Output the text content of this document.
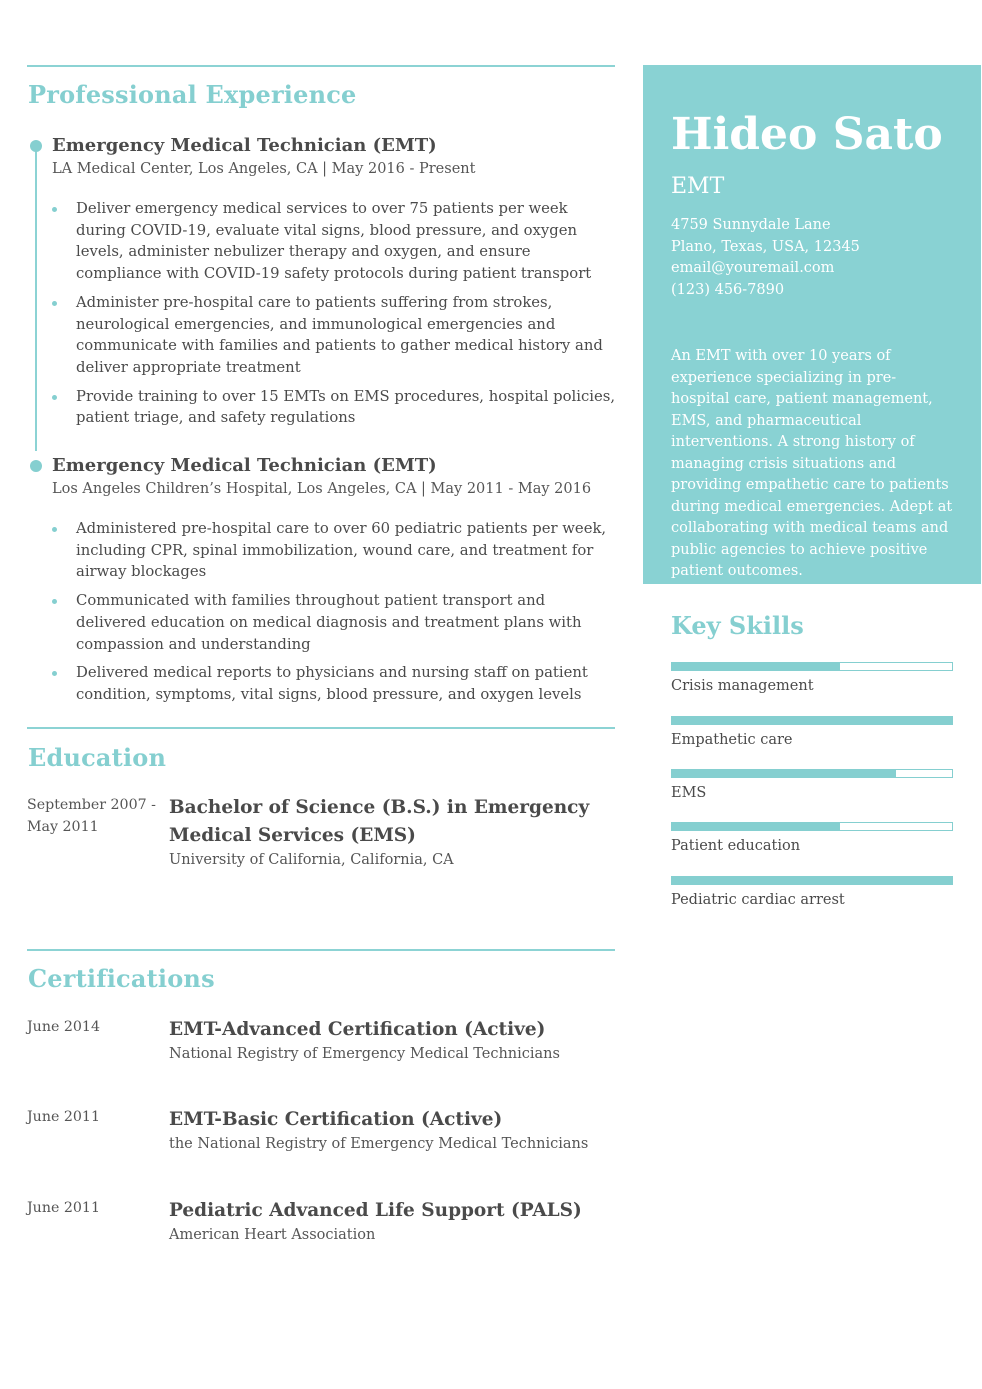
Professional Experience
Emergency Medical Technician (EMT)
LA Medical Center, Los Angeles, CA | May 2016 - Present
Deliver emergency medical services to over 75 patients per week during COVID-19, evaluate vital signs, blood pressure, and oxygen levels, administer nebulizer therapy and oxygen, and ensure compliance with COVID-19 safety protocols during patient transport
Administer pre-hospital care to patients suffering from strokes, neurological emergencies, and immunological emergencies and communicate with families and patients to gather medical history and deliver appropriate treatment
Provide training to over 15 EMTs on EMS procedures, hospital policies, patient triage, and safety regulations
Emergency Medical Technician (EMT)
Los Angeles Children’s Hospital, Los Angeles, CA | May 2011 - May 2016
Administered pre-hospital care to over 60 pediatric patients per week, including CPR, spinal immobilization, wound care, and treatment for airway blockages
Communicated with families throughout patient transport and delivered education on medical diagnosis and treatment plans with compassion and understanding
Delivered medical reports to physicians and nursing staff on patient condition, symptoms, vital signs, blood pressure, and oxygen levels
Education
September 2007 - May 2011
Bachelor of Science (B.S.) in Emergency Medical Services (EMS)
University of California, California, CA
Certifications
June 2014	EMT-Advanced Certification (Active)
National Registry of Emergency Medical Technicians
June 2011	EMT-Basic Certification (Active)
the National Registry of Emergency Medical Technicians
June 2011	Pediatric Advanced Life Support (PALS)
American Heart Association
Hideo Sato
EMT
4759 Sunnydale Lane
Plano, Texas, USA, 12345
email@youremail.com
(123) 456-7890
An EMT with over 10 years of experience specializing in pre-hospital care, patient management, EMS, and pharmaceutical interventions. A strong history of managing crisis situations and providing empathetic care to patients during medical emergencies. Adept at collaborating with medical teams and public agencies to achieve positive patient outcomes.
Key Skills
Crisis management
Empathetic care
EMS
Patient education
Pediatric cardiac arrest
